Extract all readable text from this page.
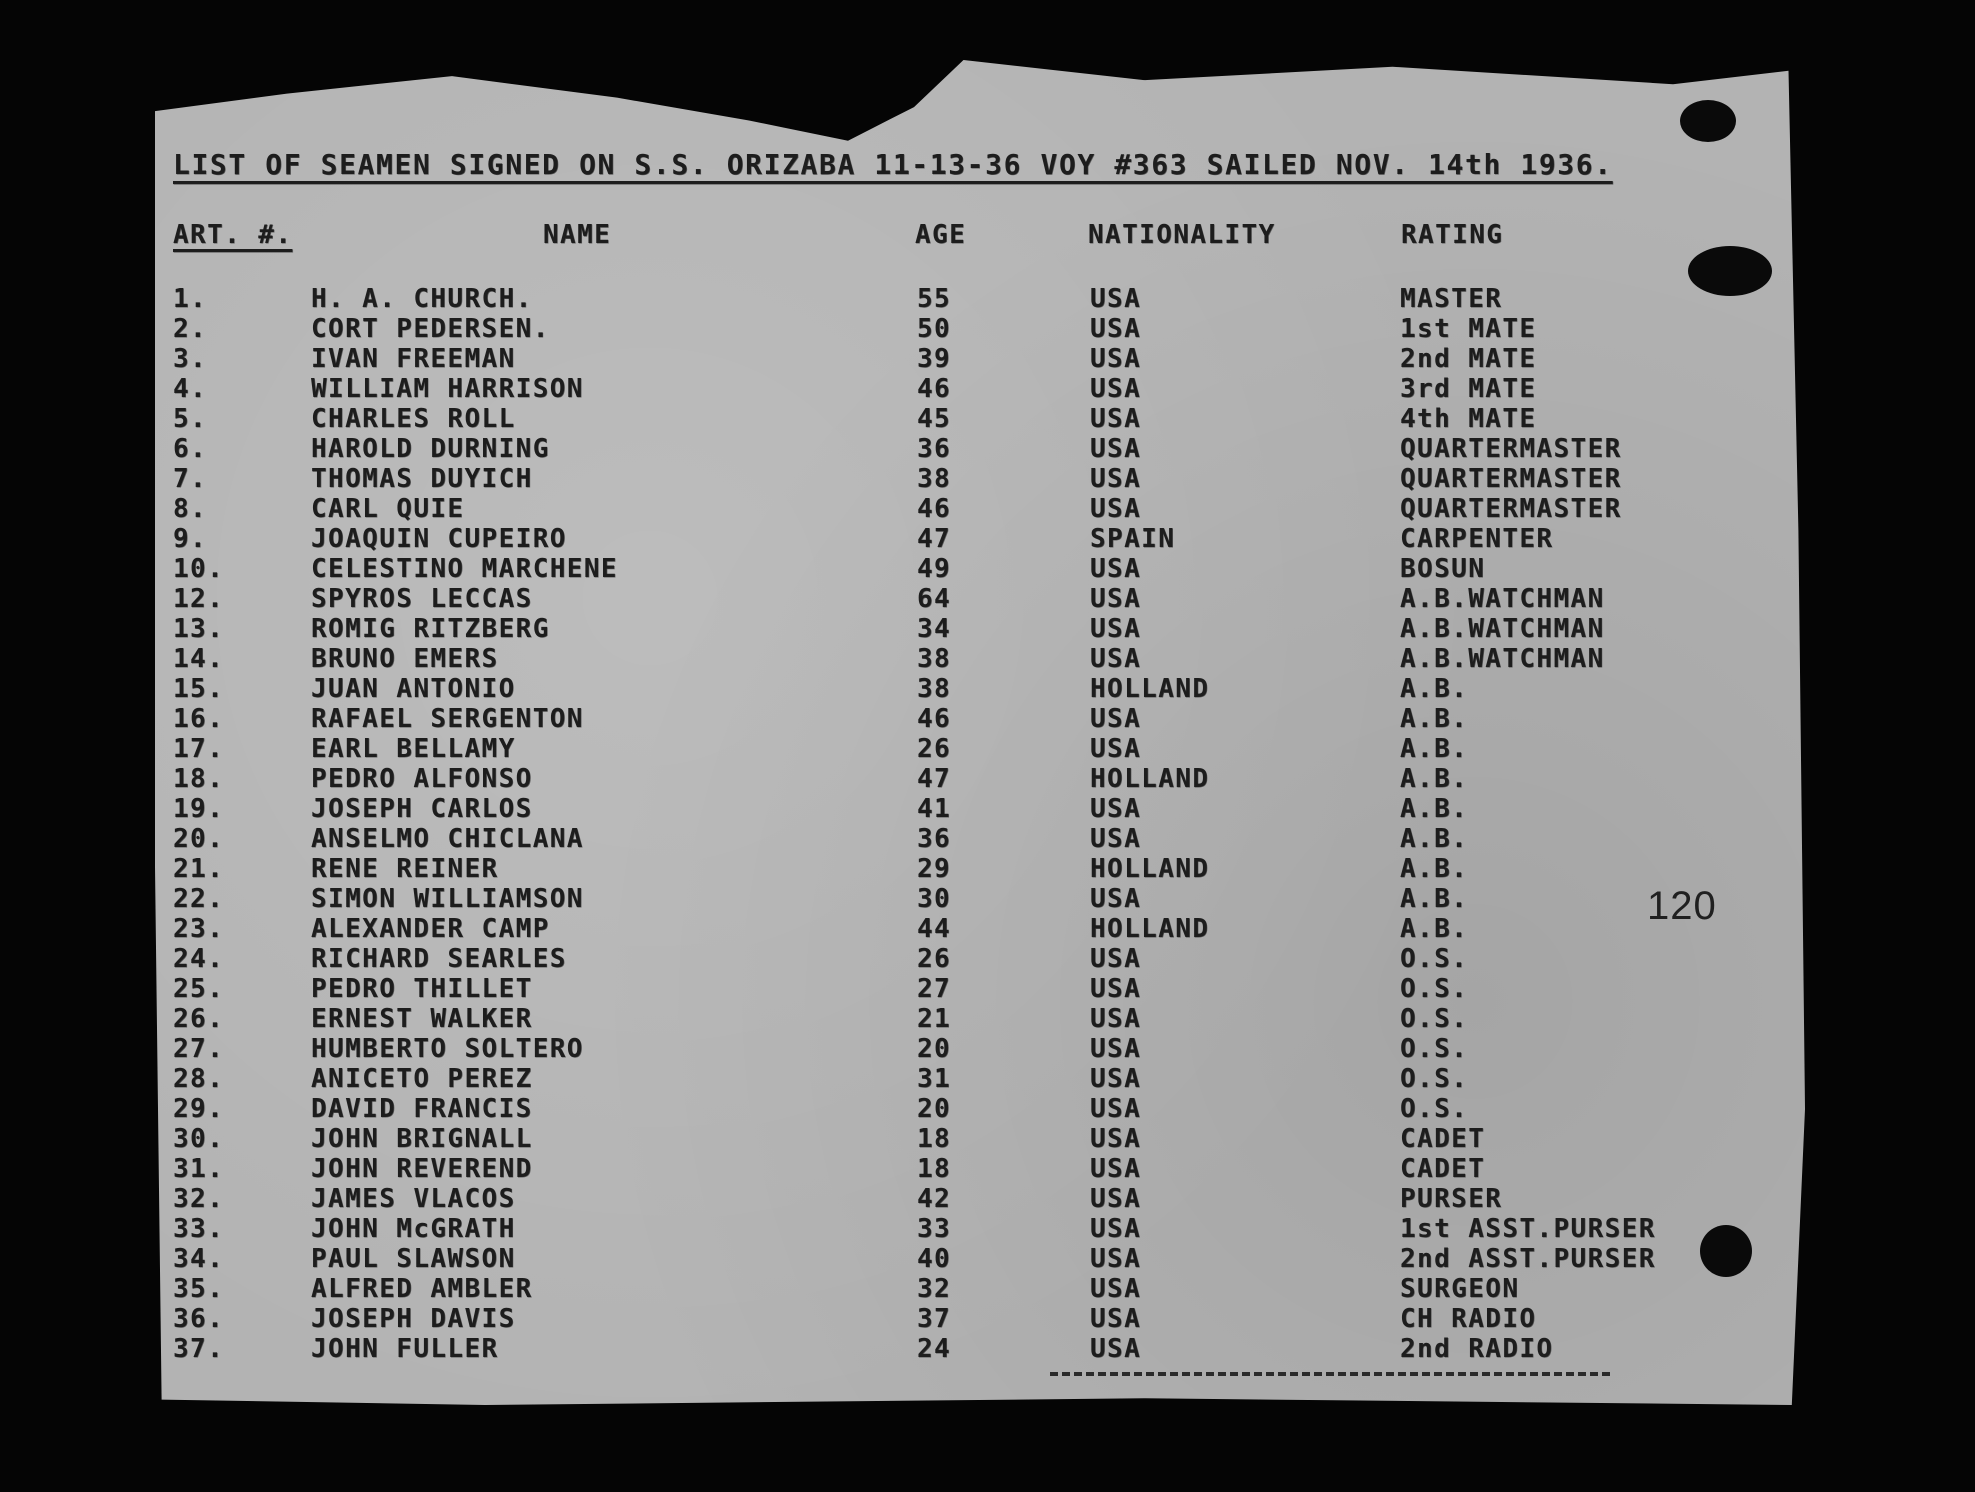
LIST OF SEAMEN SIGNED ON S.S. ORIZABA 11-13-36 VOY #363 SAILED NOV. 14th 1936.
ART. #.	NAME	AGE	NATIONALITY	RATING
1.	H. A. CHURCH.	55	USA	MASTER
2.	CORT PEDERSEN.	50	USA	1st MATE
3.	IVAN FREEMAN	39	USA	2nd MATE
4.	WILLIAM HARRISON	46	USA	3rd MATE
5.	CHARLES ROLL	45	USA	4th MATE
6.	HAROLD DURNING	36	USA	QUARTERMASTER
7.	THOMAS DUYICH	38	USA	QUARTERMASTER
8.	CARL QUIE	46	USA	QUARTERMASTER
9.	JOAQUIN CUPEIRO	47	SPAIN	CARPENTER
10.	CELESTINO MARCHENE	49	USA	BOSUN
12.	SPYROS LECCAS	64	USA	A.B.WATCHMAN
13.	ROMIG RITZBERG	34	USA	A.B.WATCHMAN
14.	BRUNO EMERS	38	USA	A.B.WATCHMAN
15.	JUAN ANTONIO	38	HOLLAND	A.B.
16.	RAFAEL SERGENTON	46	USA	A.B.
17.	EARL BELLAMY	26	USA	A.B.
18.	PEDRO ALFONSO	47	HOLLAND	A.B.
19.	JOSEPH CARLOS	41	USA	A.B.
20.	ANSELMO CHICLANA	36	USA	A.B.
21.	RENE REINER	29	HOLLAND	A.B.
22.	SIMON WILLIAMSON	30	USA	A.B.
23.	ALEXANDER CAMP	44	HOLLAND	A.B.
24.	RICHARD SEARLES	26	USA	O.S.
25.	PEDRO THILLET	27	USA	O.S.
26.	ERNEST WALKER	21	USA	O.S.
27.	HUMBERTO SOLTERO	20	USA	O.S.
28.	ANICETO PEREZ	31	USA	O.S.
29.	DAVID FRANCIS	20	USA	O.S.
30.	JOHN BRIGNALL	18	USA	CADET
31.	JOHN REVEREND	18	USA	CADET
32.	JAMES VLACOS	42	USA	PURSER
33.	JOHN McGRATH	33	USA	1st ASST.PURSER
34.	PAUL SLAWSON	40	USA	2nd ASST.PURSER
35.	ALFRED AMBLER	32	USA	SURGEON
36.	JOSEPH DAVIS	37	USA	CH RADIO
37.	JOHN FULLER	24	USA	2nd RADIO
120
